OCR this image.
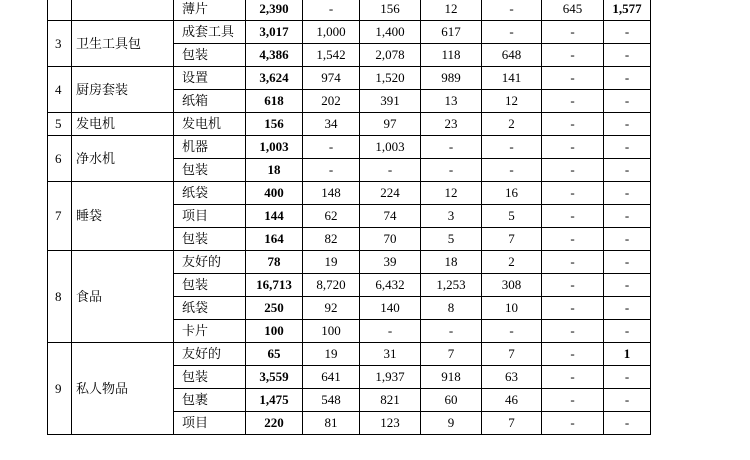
		薄片	2,390	-	156	12	-	645	1,577
3	卫生工具包	成套工具	3,017	1,000	1,400	617	-	-	-
		包装	4,386	1,542	2,078	118	648	-	-
4	厨房套装	设置	3,624	974	1,520	989	141	-	-
		纸箱	618	202	391	13	12	-	-
5	发电机	发电机	156	34	97	23	2	-	-
6	净水机	机器	1,003	-	1,003	-	-	-	-
		包装	18	-	-	-	-	-	-
7	睡袋	纸袋	400	148	224	12	16	-	-
		项目	144	62	74	3	5	-	-
		包装	164	82	70	5	7	-	-
8	食品	友好的	78	19	39	18	2	-	-
		包装	16,713	8,720	6,432	1,253	308	-	-
		纸袋	250	92	140	8	10	-	-
		卡片	100	100	-	-	-	-	-
9	私人物品	友好的	65	19	31	7	7	-	1
		包装	3,559	641	1,937	918	63	-	-
		包裹	1,475	548	821	60	46	-	-
		项目	220	81	123	9	7	-	-
